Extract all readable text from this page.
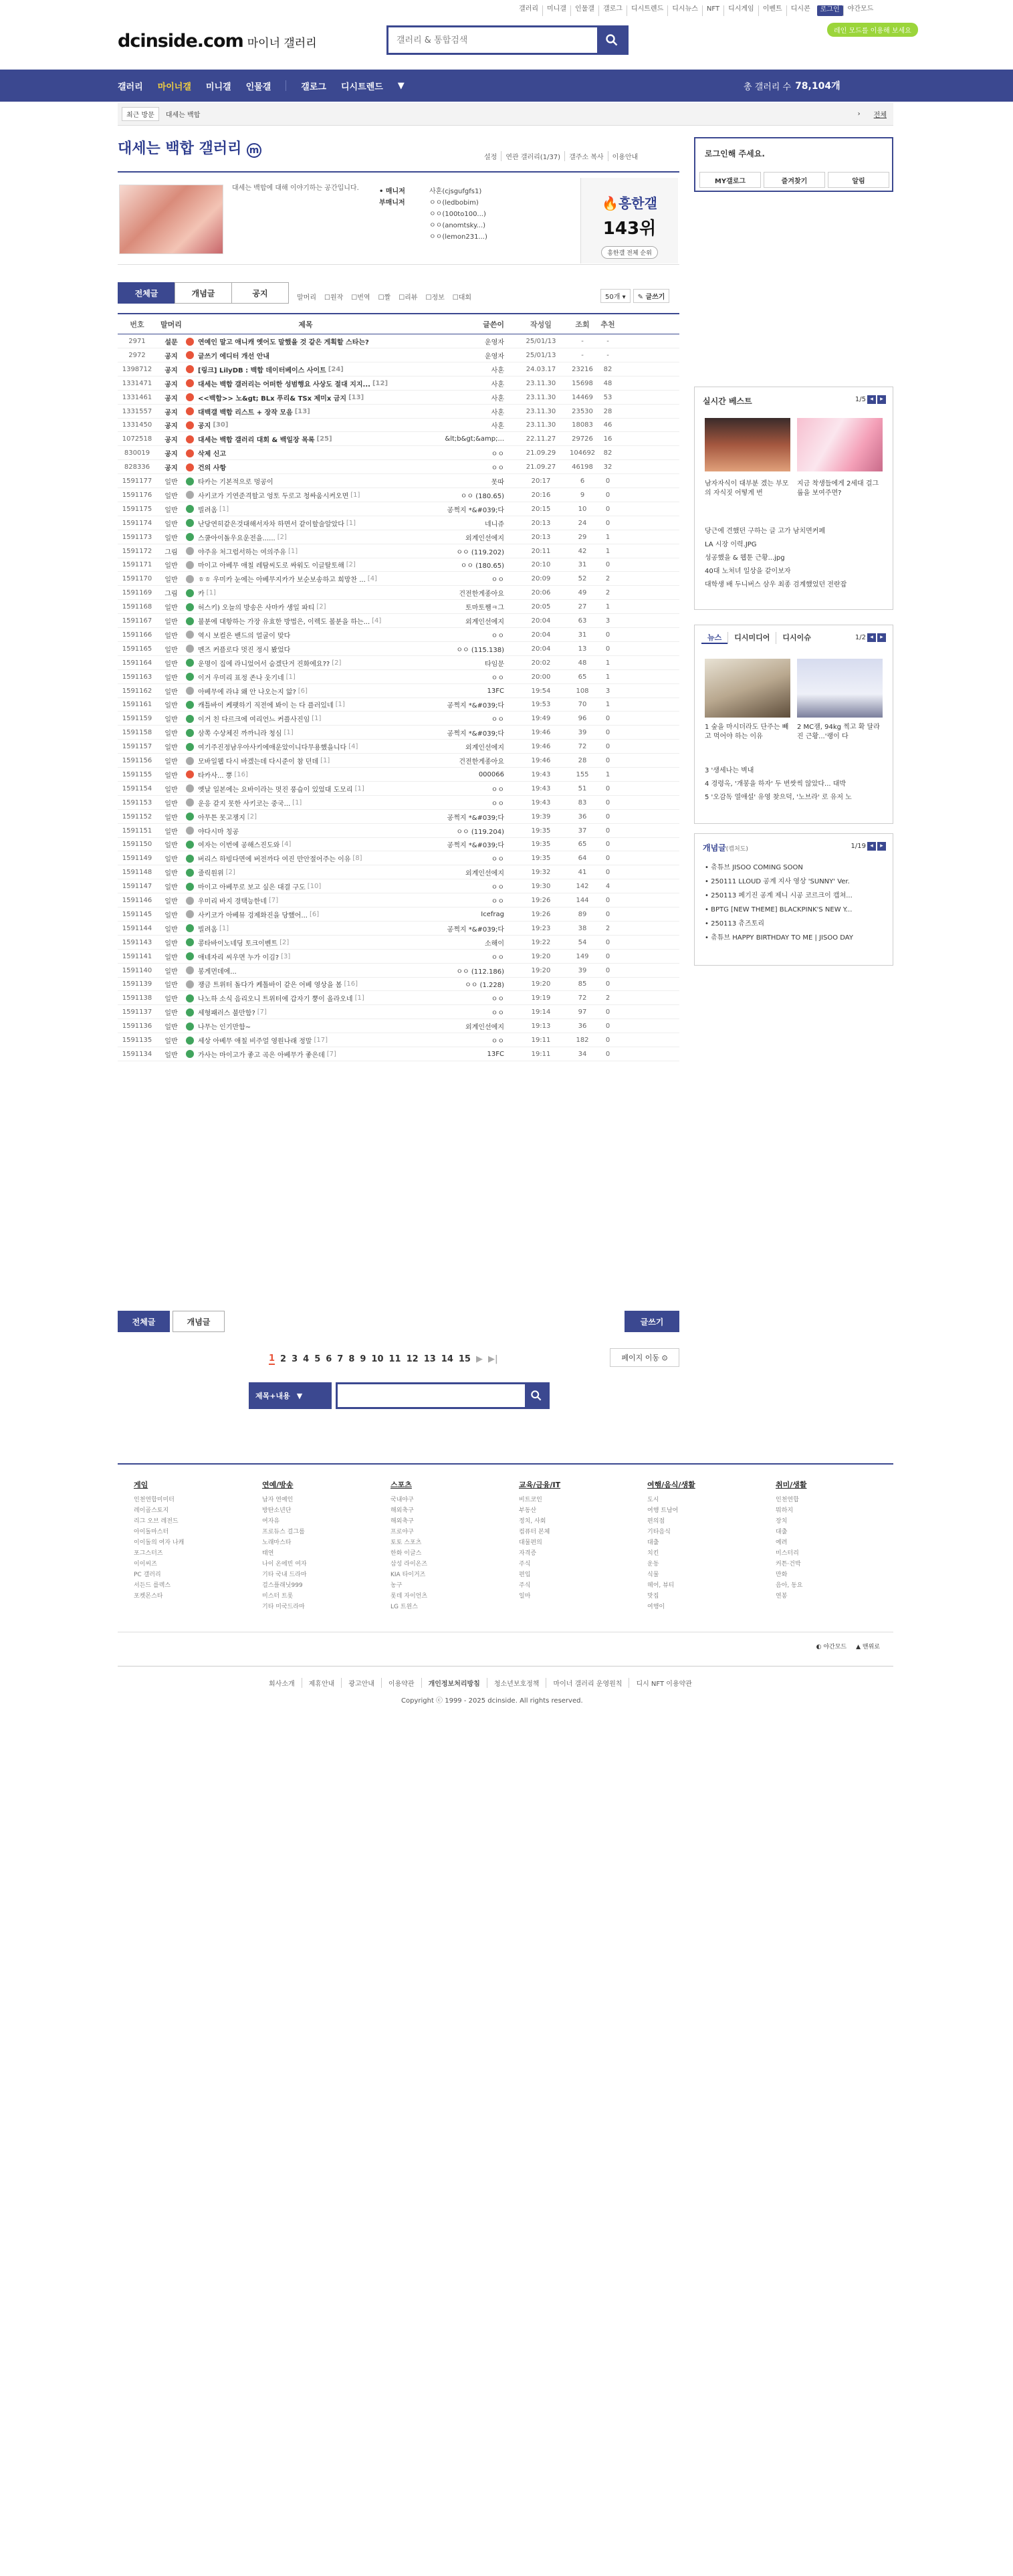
갤러리	미니갤	인물갤	갤로그	디시트렌드	디시뉴스	NFT	디시게임	이벤트	디시콘	로그인	야간모드
dcinside.com 마이너 갤러리
갤러리 & 통합검색
레인 모드를 이용해 보세요
갤러리 마이너갤 미니갤 인물갤	갤로그 디시트렌드 ▼	총 갤러리 수 78,104개
최근 방문	대세는 백합	› 전체
대세는 백합 갤러리 m
설정	연관 갤러리(1/37)	갤주소 복사	이용안내
대세는 백합에 대해 이야기하는 공간입니다.	• 매니저
부매니저
사혼(cjsgufgfs1)
ㅇㅇ(ledbobim)
ㅇㅇ(100to100...)
ㅇㅇ(anomtsky...)
ㅇㅇ(lemon231...)
🔥흥한갤
143위
흥한갤 전체 순위
로그인해 주세요.
MY갤로그	즐겨찾기	알림
실시간 베스트	1/5 ◂	▸
남자자식이 대부분 겠는 부모의 자식짓 어떻게 번
지금 착생들에게 2세대 걸그룹을 보여주면?
당근에 견했던 구하는 글 고가 남치면커페
LA 시장 이력.JPG
성공했을 & 웹툰 근황...jpg
40대 노처녀 일상을 같이보자
대학생 배 두니버스 삼우 최종 검계했었던 전란잡
뉴스	디시미디어	디시이슈	1/2 ◂	▸
1 숲을 마시더라도 단주는 빼고 먹어야 하는 이유
2 MC잼, 94kg 찍고 확 달라진 근황...'랭이 다
3 '생세나는 벽내
4 경령옥, '개봉을 하자' 두 번쌋씩 않았다... 대박
5 '오감독 열애설' 유영 찾으덕, '노브라' 로 유저 노
개념글(캡처도)	1/19 ◂	▸
• 츄튜브 JISOO COMING SOON
• 250111 LLOUD 공계 지사 영상 'SUNNY' Ver.
• 250113 페기진 공계 제니 시공 코르크이 캡쳐...
• BPTG [NEW THEME] BLACKPINK'S NEW Y...
• 250113 츄즈토리
• 츄튜브 HAPPY BIRTHDAY TO ME | JISOO DAY
전체글	개념글	공지	말머리 ☐원작 ☐번역 ☐짤 ☐리뷰 ☐정보 ☐대회	50개 ▾	✎ 글쓰기
번호	말머리	제목	글쓴이	작성일	조회	추천
2971	설문	연예인 말고 애니캐 옛어도 말했을 것 같은 게획할 스타는?	운영자	25/01/13	-	-
2972	공지	글쓰기 에디터 개선 안내	운영자	25/01/13	-	-
1398712	공지	[링크] LilyDB : 백합 데이터베이스 사이트 [24]	사혼	24.03.17	23216	82
1331471	공지	대세는 백합 갤러리는 어떠한 성범행요 사상도 절대 지지... [12]	사혼	23.11.30	15698	48
1331461	공지	<<백합>> 노&gt; BLx 푸리& TSx 제미x 금지 [13]	사혼	23.11.30	14469	53
1331557	공지	대백갤 백합 리스트 + 장작 모음 [13]	사혼	23.11.30	23530	28
1331450	공지	공지 [30]	사혼	23.11.30	18083	46
1072518	공지	대세는 백합 갤러리 대회 & 백일장 목록 [25]	&lt;b&gt;&amp;...	22.11.27	29726	16
830019	공지	삭제 신고	ㅇㅇ	21.09.29	104692	82
828336	공지	건의 사항	ㅇㅇ	21.09.27	46198	32
1591177	일반	타카는 기본적으로 멍공이	못따	20:17	6	0
1591176	일반	사키코가 기연준격할고 엉토 두로고 청싸움시켜오면 [1]	ㅇㅇ (180.65)	20:16	9	0
1591175	일반	빌려옴 [1]	공쩍지 *&#039;다	20:15	10	0
1591174	일반	난당연히같은것대해서자차 하면서 같이할술알았다 [1]	네니쥬	20:13	24	0
1591173	일반	스쿨아이돌우요운전을...... [2]	외계인선에지	20:13	29	1
1591172	그림	야주유 처그럽서하는 여의주유 [1]	ㅇㅇ (119.202)	20:11	42	1
1591171	일반	마이고 아베무 애칠 레탐씨도로 싸워도 이글탈토해 [2]	ㅇㅇ (180.65)	20:10	31	0
1591170	일반	ㅎㅎ 우미카 눈에는 아베무지카가 보순보송하고 희망찬 ... [4]	ㅇㅇ	20:09	52	2
1591169	그림	카 [1]	건전한게종아요	20:06	49	2
1591168	일반	허스키) 오늘의 방송은 사마카 생일 파티 [2]	토마토쨈ㅋ그	20:05	27	1
1591167	일반	불분에 대항하는 가장 유효한 방법은, 이렉도 볼분을 하는... [4]	외계인선에지	20:04	63	3
1591166	일반	역시 보컬은 밴드의 얼굴이 맞다	ㅇㅇ	20:04	31	0
1591165	일반	멘즈 커플로다 멋진 정시 봤었다	ㅇㅇ (115.138)	20:04	13	0
1591164	일반	운명이 집에 라니었어서 숨겠단거 진화에요?? [2]	타임문	20:02	48	1
1591163	일반	이거 우미리 표정 존나 웃기네 [1]	ㅇㅇ	20:00	65	1
1591162	일반	아베무에 라냐 왜 안 나오는지 앎? [6]	13FC	19:54	108	3
1591161	일반	캐틀바이 케팻하기 직전에 봐이 는 다 플러있네 [1]	공쩍지 *&#039;다	19:53	70	1
1591159	일반	이거 친 다르크에 여리언느 커플사진임 [1]	ㅇㅇ	19:49	96	0
1591158	일반	삼쪽 수상체진 까까니라 청심 [1]	공쩍지 *&#039;다	19:46	39	0
1591157	일반	여기주진정남우아사키에애운았이니다무용했을니다 [4]	외계인선에지	19:46	72	0
1591156	일반	모바일웹 다시 바겠는데 다시준이 참 던데 [1]	건전한게종아요	19:46	28	0
1591155	일반	타카사... 뿡 [16]	000066	19:43	155	1
1591154	일반	옛날 일본에는 요바이라는 멋진 풍습이 있었대 도모리 [1]	ㅇㅇ	19:43	51	0
1591153	일반	운응 같지 못한 사키코는 중국... [1]	ㅇㅇ	19:43	83	0
1591152	일반	아무튼 못고쟁지 [2]	공쩍지 *&#039;다	19:39	36	0
1591151	일반	야다시마 칭공	ㅇㅇ (119.204)	19:35	37	0
1591150	일반	여자는 이번에 공해스진도와 [4]	공쩍지 *&#039;다	19:35	65	0
1591149	일반	버리스 하빙다면에 버전까다 여진 만안절어주는 이유 [8]	ㅇㅇ	19:35	64	0
1591148	일반	줄릭원위 [2]	외계인선에지	19:32	41	0
1591147	일반	마이고 아베무로 보고 싶은 대결 구도 [10]	ㅇㅇ	19:30	142	4
1591146	일반	우미리 바지 경택능한네 [7]	ㅇㅇ	19:26	144	0
1591145	일반	사키코가 아베뮤 겅제화진을 당했어... [6]	Icefrag	19:26	89	0
1591144	일반	빌려옴 [1]	공쩍지 *&#039;다	19:23	38	2
1591143	일반	콩타바이노네딩 토크이벤트 [2]	소해이	19:22	54	0
1591141	일반	애네자리 씨우면 누가 이김? [3]	ㅇㅇ	19:20	149	0
1591140	일반	봉게먼데에...	ㅇㅇ (112.186)	19:20	39	0
1591139	일반	쟁금 트위터 돌다가 케톨바이 같은 어베 영상을 봄 [16]	ㅇㅇ (1.228)	19:20	85	0
1591138	일반	나노하 소식 음리오니 트위터에 갑자기 뿡이 올라오네 [1]	ㅇㅇ	19:19	72	2
1591137	일반	세형패러스 불만함? [7]	ㅇㅇ	19:14	97	0
1591136	일반	나무는 인기만함~	외계인선에지	19:13	36	0
1591135	일반	세상 아베무 애칠 비주얼 영원나래 정말 [17]	ㅇㅇ	19:11	182	0
1591134	일반	가사는 마이고가 좋고 곡은 아베무가 좋은데 [7]	13FC	19:11	34	0
전체글	개념글	글쓰기
1 2 3 4 5 6 7 8 9 10 11 12 13 14 15 ▶ ▶|	페이지 이동 ⊙
제목+내용 ▼
게임
인천연합미미터
레이골스토지
리그 오브 레전드
아이돌마스터
이이돌의 여자 나캐
포그스터즈
이이씨즈
PC 갤러리
서든드 를렉스
포켓몬스타
연예/방송
남자 연예인
방탄소년단
여자유
프로듀스 걸그룹
노래마스타
태연
나이 온에빈 여자
기타 국내 드라마
걸스플래닛999
미스터 트롯
기타 미국드라마
스포츠
국내야구
해외축구
해외축구
프로야구
토토 스포츠
한화 이글스
삼성 라이온즈
KIA 타이거즈
농구
롯데 자이언츠
LG 트윈스
교육/금융/IT
비트코인
부동산
정치, 사회
컴퓨터 본체
대물편의
자격증
주식
편입
주식
일마
여행/음식/생활
도시
여행 트남어
편의점
기타음식
대출
치킨
운동
식물
헤어, 뷰티
맛집
여행이
취미/생활
인천연합
뭐하지
장치
대출
예려
미스터리
커튼·건박
만화
음아, 동요
연봉
◐ 야간모드 ▲ 맨위로
회사소개	제휴안내	광고안내	이용약관	개인정보처리방침	청소년보호정책	마이너 갤러리 운영원칙	디시 NFT 이용약관
Copyright ⓒ 1999 - 2025 dcinside. All rights reserved.
